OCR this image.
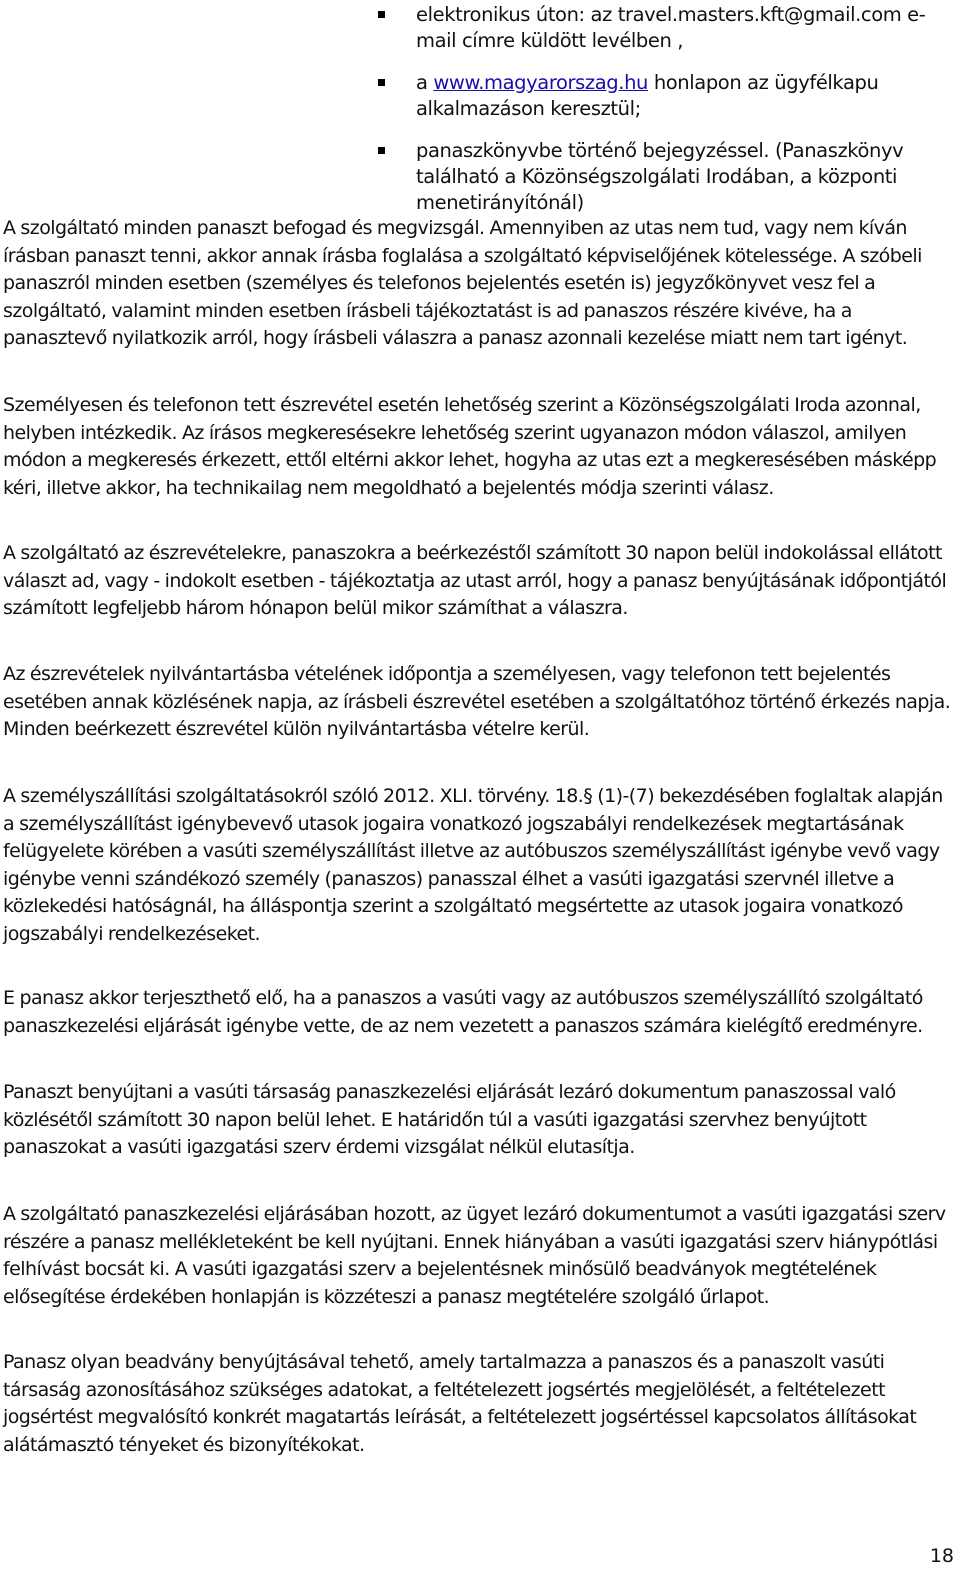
elektronikus úton: az travel.masters.kft@gmail.com e-mail címre küldött levélben ,
a www.magyarorszag.hu honlapon az ügyfélkapu alkalmazáson keresztül;
panaszkönyvbe történő bejegyzéssel. (Panaszkönyv található a Közönségszolgálati Irodában, a központi menetirányítónál)

A szolgáltató minden panaszt befogad és megvizsgál. Amennyiben az utas nem tud, vagy nem kíván írásban panaszt tenni, akkor annak írásba foglalása a szolgáltató képviselőjének kötelessége. A szóbeli panaszról minden esetben (személyes és telefonos bejelentés esetén is) jegyzőkönyvet vesz fel a szolgáltató, valamint minden esetben írásbeli tájékoztatást is ad panaszos részére kivéve, ha a panasztevő nyilatkozik arról, hogy írásbeli válaszra a panasz azonnali kezelése miatt nem tart igényt.

Személyesen és telefonon tett észrevétel esetén lehetőség szerint a Közönségszolgálati Iroda azonnal, helyben intézkedik. Az írásos megkeresésekre lehetőség szerint ugyanazon módon válaszol, amilyen módon a megkeresés érkezett, ettől eltérni akkor lehet, hogyha az utas ezt a megkeresésében másképp kéri, illetve akkor, ha technikailag nem megoldható a bejelentés módja szerinti válasz.

A szolgáltató az észrevételekre, panaszokra a beérkezéstől számított 30 napon belül indokolással ellátott választ ad, vagy - indokolt esetben - tájékoztatja az utast arról, hogy a panasz benyújtásának időpontjától számított legfeljebb három hónapon belül mikor számíthat a válaszra.

Az észrevételek nyilvántartásba vételének időpontja a személyesen, vagy telefonon tett bejelentés esetében annak közlésének napja, az írásbeli észrevétel esetében a szolgáltatóhoz történő érkezés napja. Minden beérkezett észrevétel külön nyilvántartásba vételre kerül.

A személyszállítási szolgáltatásokról szóló 2012. XLI. törvény. 18.§ (1)-(7) bekezdésében foglaltak alapján a személyszállítást igénybevevő utasok jogaira vonatkozó jogszabályi rendelkezések megtartásának felügyelete körében a vasúti személyszállítást illetve az autóbuszos személyszállítást igénybe vevő vagy igénybe venni szándékozó személy (panaszos) panasszal élhet a vasúti igazgatási szervnél illetve a közlekedési hatóságnál, ha álláspontja szerint a szolgáltató megsértette az utasok jogaira vonatkozó jogszabályi rendelkezéseket.

E panasz akkor terjeszthető elő, ha a panaszos a vasúti vagy az autóbuszos személyszállító szolgáltató panaszkezelési eljárását igénybe vette, de az nem vezetett a panaszos számára kielégítő eredményre.

Panaszt benyújtani a vasúti társaság panaszkezelési eljárását lezáró dokumentum panaszossal való közlésétől számított 30 napon belül lehet. E határidőn túl a vasúti igazgatási szervhez benyújtott panaszokat a vasúti igazgatási szerv érdemi vizsgálat nélkül elutasítja.

A szolgáltató panaszkezelési eljárásában hozott, az ügyet lezáró dokumentumot a vasúti igazgatási szerv részére a panasz mellékleteként be kell nyújtani. Ennek hiányában a vasúti igazgatási szerv hiánypótlási felhívást bocsát ki. A vasúti igazgatási szerv a bejelentésnek minősülő beadványok megtételének elősegítése érdekében honlapján is közzéteszi a panasz megtételére szolgáló űrlapot.

Panasz olyan beadvány benyújtásával tehető, amely tartalmazza a panaszos és a panaszolt vasúti társaság azonosításához szükséges adatokat, a feltételezett jogsértés megjelölését, a feltételezett jogsértést megvalósító konkrét magatartás leírását, a feltételezett jogsértéssel kapcsolatos állításokat alátámasztó tényeket és bizonyítékokat.

18
